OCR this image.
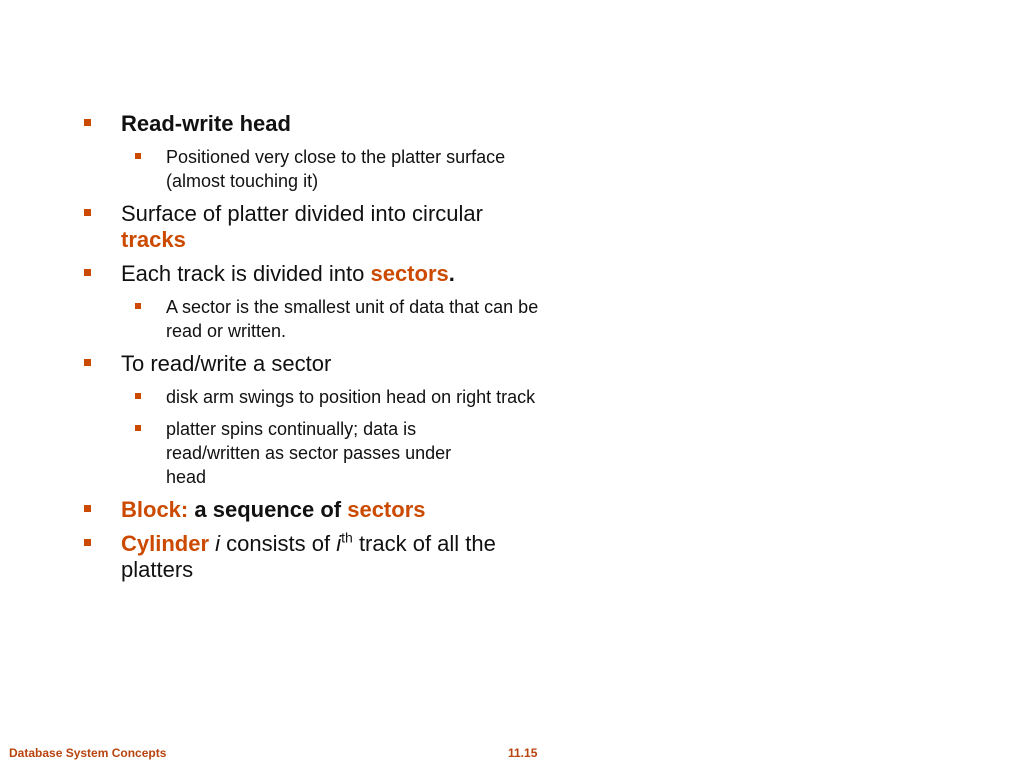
Read-write head
Positioned very close to the platter surface (almost touching it)
Surface of platter divided into circular tracks
Each track is divided into sectors.
A sector is the smallest unit of data that can be read or written.
To read/write a sector
disk arm swings to position head on right track
platter spins continually; data is
read/written as sector passes under
head
Block: a sequence of sectors
Cylinder i consists of $i^{th}$ track of all the platters
Database System Concepts	11.15
